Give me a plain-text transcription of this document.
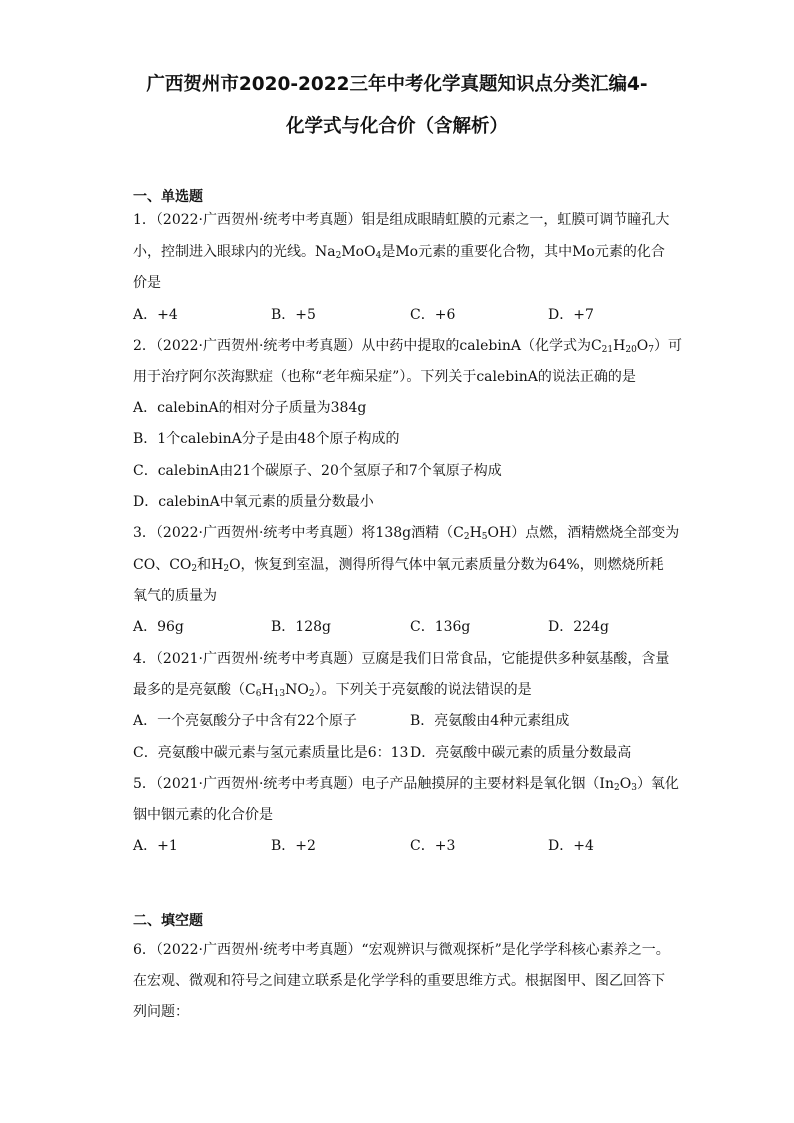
广西贺州市2020-2022三年中考化学真题知识点分类汇编4-
化学式与化合价（含解析）
一、单选题
1．（2022·广西贺州·统考中考真题）钼是组成眼睛虹膜的元素之一，虹膜可调节瞳孔大
小，控制进入眼球内的光线。$Na_2MoO_4$是Mo元素的重要化合物，其中Mo元素的化合
价是
A．+4	B．+5	C．+6	D．+7
2．（2022·广西贺州·统考中考真题）从中药中提取的calebinA（化学式为$C_{21}H_{20}O_7$）可
用于治疗阿尔茨海默症（也称“老年痴呆症”）。下列关于calebinA的说法正确的是
A．calebinA的相对分子质量为384g
B．1个calebinA分子是由48个原子构成的
C．calebinA由21个碳原子、20个氢原子和7个氧原子构成
D．calebinA中氧元素的质量分数最小
3．（2022·广西贺州·统考中考真题）将138g酒精$(C_2H_5OH)$点燃，酒精燃烧全部变为
CO、$CO_2$和$H_2O$，恢复到室温，测得所得气体中氧元素质量分数为64%，则燃烧所耗
氧气的质量为
A．96g	B．128g	C．136g	D．224g
4．（2021·广西贺州·统考中考真题）豆腐是我们日常食品，它能提供多种氨基酸，含量
最多的是亮氨酸$(C_6H_{13}NO_2)$。下列关于亮氨酸的说法错误的是
A．一个亮氨酸分子中含有22个原子	B．亮氨酸由4种元素组成
C．亮氨酸中碳元素与氢元素质量比是6：13 D．亮氨酸中碳元素的质量分数最高
5．（2021·广西贺州·统考中考真题）电子产品触摸屏的主要材料是氧化铟$(In_2O_3)$氧化
铟中铟元素的化合价是
A．+1	B．+2	C．+3	D．+4
二、填空题
6．（2022·广西贺州·统考中考真题）“宏观辨识与微观探析”是化学学科核心素养之一。
在宏观、微观和符号之间建立联系是化学学科的重要思维方式。根据图甲、图乙回答下
列问题：
